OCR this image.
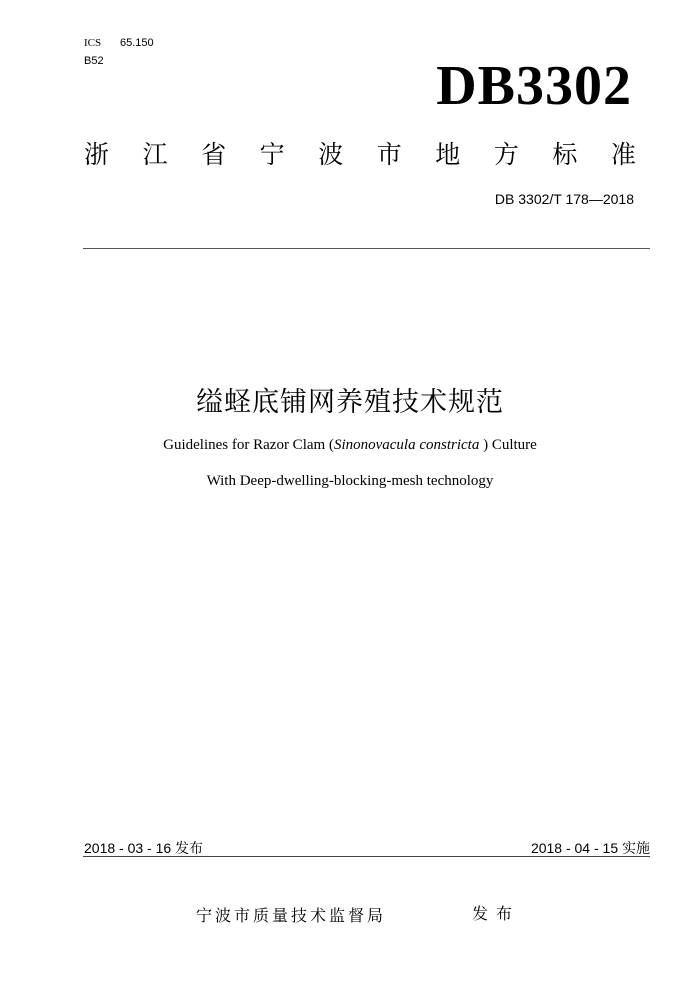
ICS 65.150
B52	DB3302
浙 江 省 宁 波 市 地 方 标 准
DB 3302/T 178—2018
缢蛏底铺网养殖技术规范
Guidelines for Razor Clam (Sinonovacula constricta ) Culture
With Deep-dwelling-blocking-mesh technology
2018 - 03 - 16 发布	2018 - 04 - 15 实施
宁波市质量技术监督局	发布
